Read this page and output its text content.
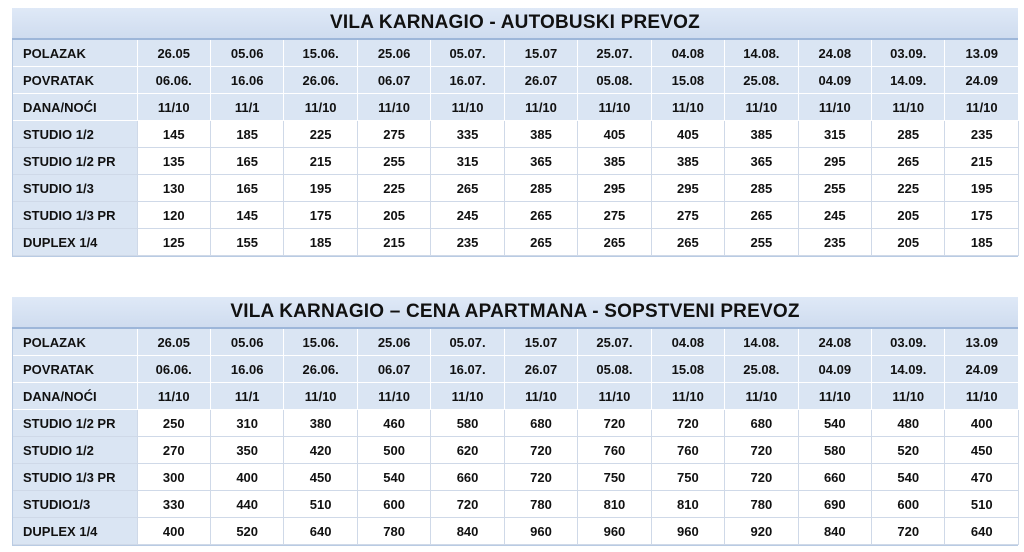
VILA KARNAGIO - AUTOBUSKI PREVOZ
POLAZAK	26.05	05.06	15.06.	25.06	05.07.	15.07	25.07.	04.08	14.08.	24.08	03.09.	13.09
POVRATAK	06.06.	16.06	26.06.	06.07	16.07.	26.07	05.08.	15.08	25.08.	04.09	14.09.	24.09
DANA/NOĆI	11/10	11/1	11/10	11/10	11/10	11/10	11/10	11/10	11/10	11/10	11/10	11/10
STUDIO 1/2	145	185	225	275	335	385	405	405	385	315	285	235
STUDIO 1/2 PR	135	165	215	255	315	365	385	385	365	295	265	215
STUDIO 1/3	130	165	195	225	265	285	295	295	285	255	225	195
STUDIO 1/3 PR	120	145	175	205	245	265	275	275	265	245	205	175
DUPLEX 1/4	125	155	185	215	235	265	265	265	255	235	205	185
VILA KARNAGIO – CENA APARTMANA - SOPSTVENI PREVOZ
POLAZAK	26.05	05.06	15.06.	25.06	05.07.	15.07	25.07.	04.08	14.08.	24.08	03.09.	13.09
POVRATAK	06.06.	16.06	26.06.	06.07	16.07.	26.07	05.08.	15.08	25.08.	04.09	14.09.	24.09
DANA/NOĆI	11/10	11/1	11/10	11/10	11/10	11/10	11/10	11/10	11/10	11/10	11/10	11/10
STUDIO 1/2 PR	250	310	380	460	580	680	720	720	680	540	480	400
STUDIO 1/2	270	350	420	500	620	720	760	760	720	580	520	450
STUDIO 1/3 PR	300	400	450	540	660	720	750	750	720	660	540	470
STUDIO1/3	330	440	510	600	720	780	810	810	780	690	600	510
DUPLEX 1/4	400	520	640	780	840	960	960	960	920	840	720	640
